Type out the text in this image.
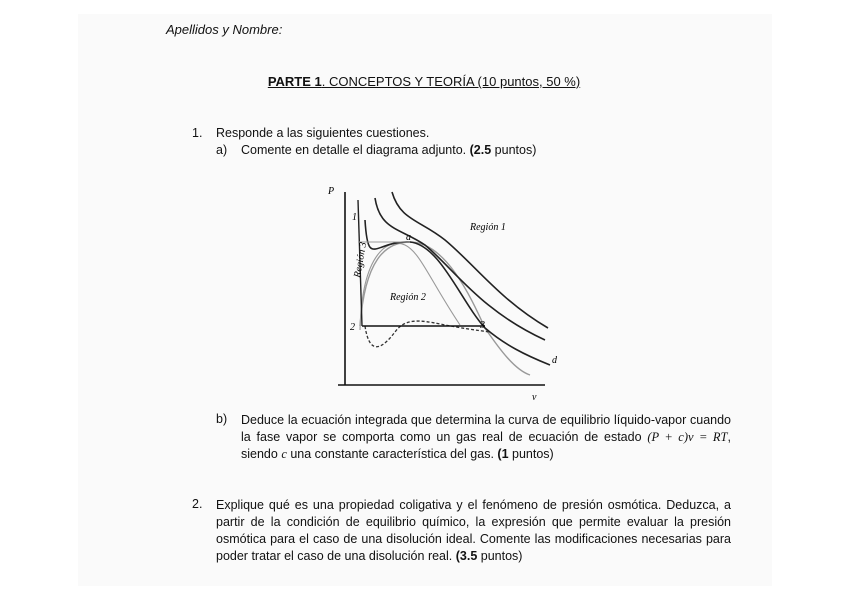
Apellidos y Nombre:
PARTE 1. CONCEPTOS Y TEORÍA (10 puntos, 50 %)
1. Responde a las siguientes cuestiones.
a) Comente en detalle el diagrama adjunto. (2.5 puntos)
P
v
Región 1
Región 2
Región 3
1
2	3
a
d
b) Deduce la ecuación integrada que determina la curva de equilibrio líquido-vapor cuando la fase vapor se comporta como un gas real de ecuación de estado (P + c)v = RT, siendo c una constante característica del gas. (1 puntos)
2. Explique qué es una propiedad coligativa y el fenómeno de presión osmótica. Deduzca, a partir de la condición de equilibrio químico, la expresión que permite evaluar la presión osmótica para el caso de una disolución ideal. Comente las modificaciones necesarias para poder tratar el caso de una disolución real. (3.5 puntos)
